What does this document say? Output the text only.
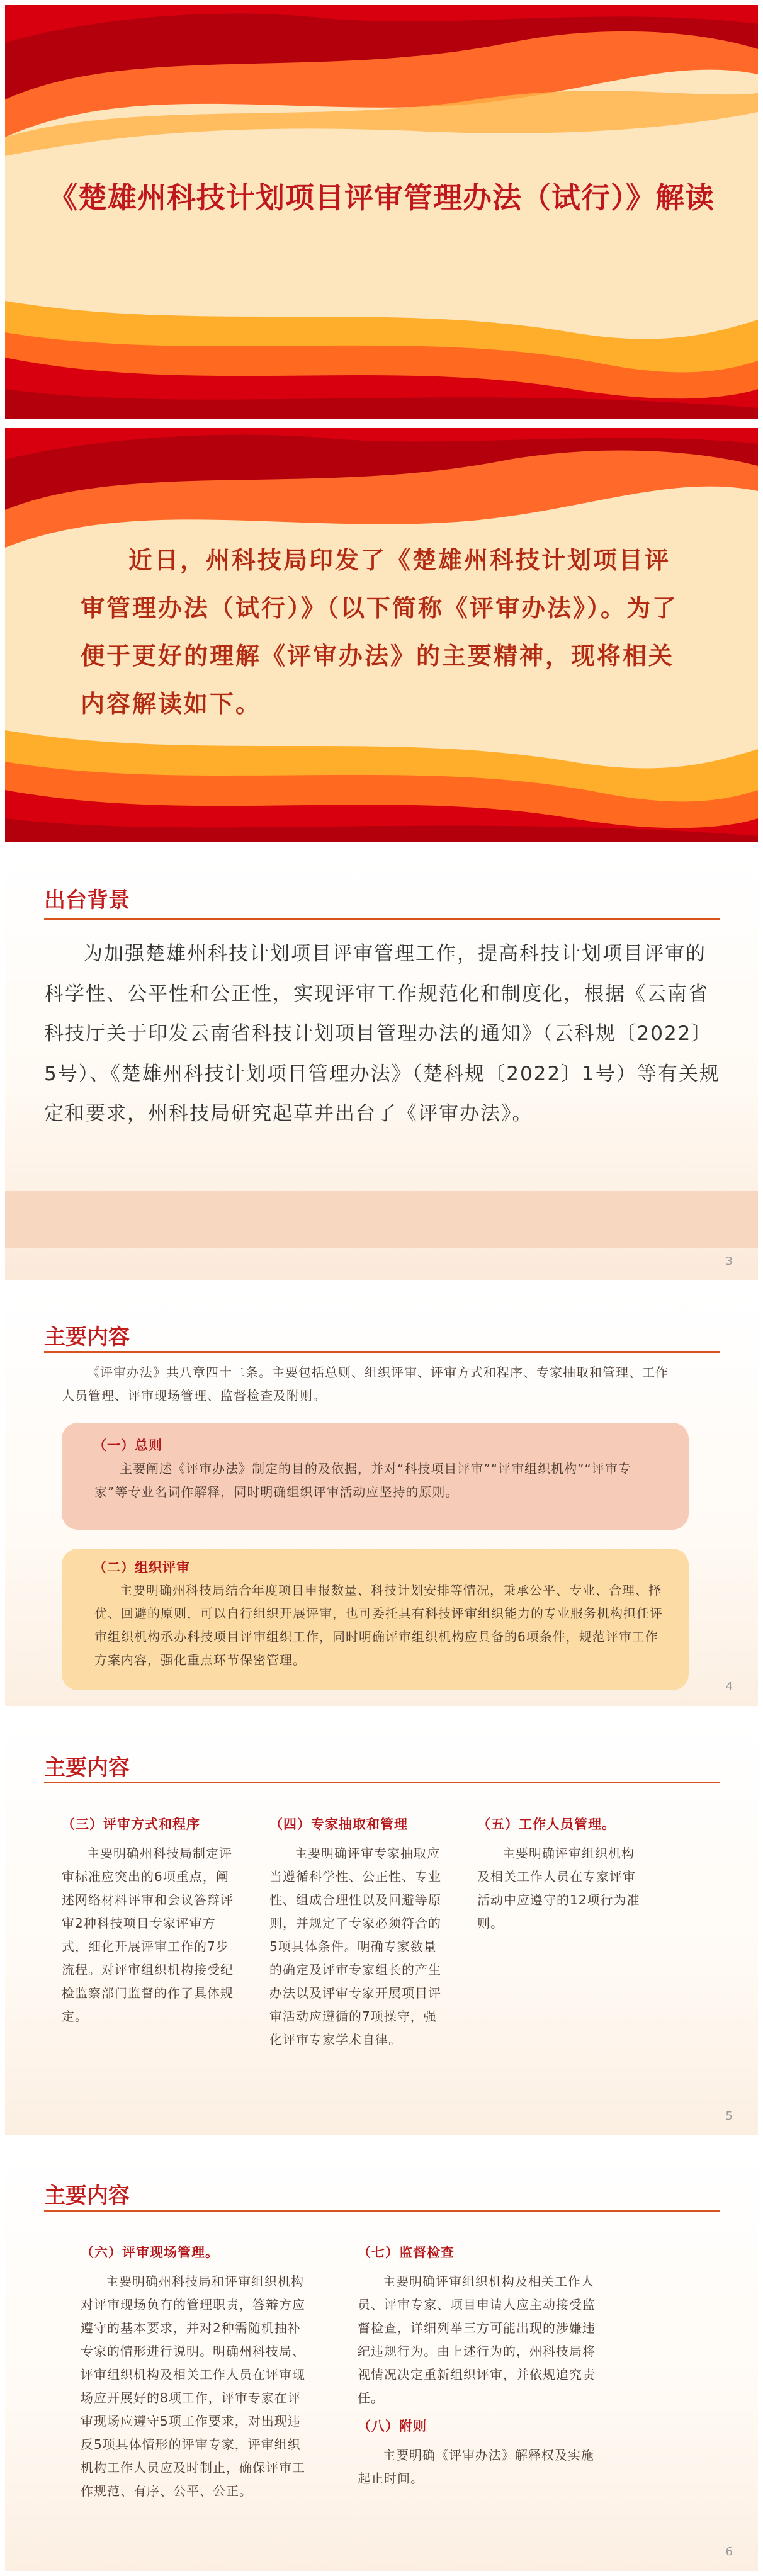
《楚雄州科技计划项目评审管理办法（试行）》解读
近日，州科技局印发了《楚雄州科技计划项目评审管理办法（试行）》（以下简称《评审办法》）。为了便于更好的理解《评审办法》的主要精神，现将相关内容解读如下。
出台背景
为加强楚雄州科技计划项目评审管理工作，提高科技计划项目评审的科学性、公平性和公正性，实现评审工作规范化和制度化，根据《云南省科技厅关于印发云南省科技计划项目管理办法的通知》（云科规〔2022〕5号）、《楚雄州科技计划项目管理办法》（楚科规〔2022〕1号）等有关规定和要求，州科技局研究起草并出台了《评审办法》。
3
主要内容
《评审办法》共八章四十二条。主要包括总则、组织评审、评审方式和程序、专家抽取和管理、工作人员管理、评审现场管理、监督检查及附则。
（一）总则
主要阐述《评审办法》制定的目的及依据，并对“科技项目评审”“评审组织机构”“评审专家”等专业名词作解释，同时明确组织评审活动应坚持的原则。
（二）组织评审
主要明确州科技局结合年度项目申报数量、科技计划安排等情况，秉承公平、专业、合理、择优、回避的原则，可以自行组织开展评审，也可委托具有科技评审组织能力的专业服务机构担任评审组织机构承办科技项目评审组织工作，同时明确评审组织机构应具备的6项条件，规范评审工作方案内容，强化重点环节保密管理。
4
主要内容
（三）评审方式和程序
主要明确州科技局制定评审标准应突出的6项重点，阐述网络材料评审和会议答辩评审2种科技项目专家评审方式，细化开展评审工作的7步流程。对评审组织机构接受纪检监察部门监督的作了具体规定。
（四）专家抽取和管理
主要明确评审专家抽取应当遵循科学性、公正性、专业性、组成合理性以及回避等原则，并规定了专家必须符合的5项具体条件。明确专家数量的确定及评审专家组长的产生办法以及评审专家开展项目评审活动应遵循的7项操守，强化评审专家学术自律。
（五）工作人员管理。
主要明确评审组织机构及相关工作人员在专家评审活动中应遵守的12项行为准则。
5
主要内容
（六）评审现场管理。
主要明确州科技局和评审组织机构对评审现场负有的管理职责，答辩方应遵守的基本要求，并对2种需随机抽补专家的情形进行说明。明确州科技局、评审组织机构及相关工作人员在评审现场应开展好的8项工作，评审专家在评审现场应遵守5项工作要求，对出现违反5项具体情形的评审专家，评审组织机构工作人员应及时制止，确保评审工作规范、有序、公平、公正。
（七）监督检查
主要明确评审组织机构及相关工作人员、评审专家、项目申请人应主动接受监督检查，详细列举三方可能出现的涉嫌违纪违规行为。由上述行为的，州科技局将视情况决定重新组织评审，并依规追究责任。
（八）附则
主要明确《评审办法》解释权及实施起止时间。
6
